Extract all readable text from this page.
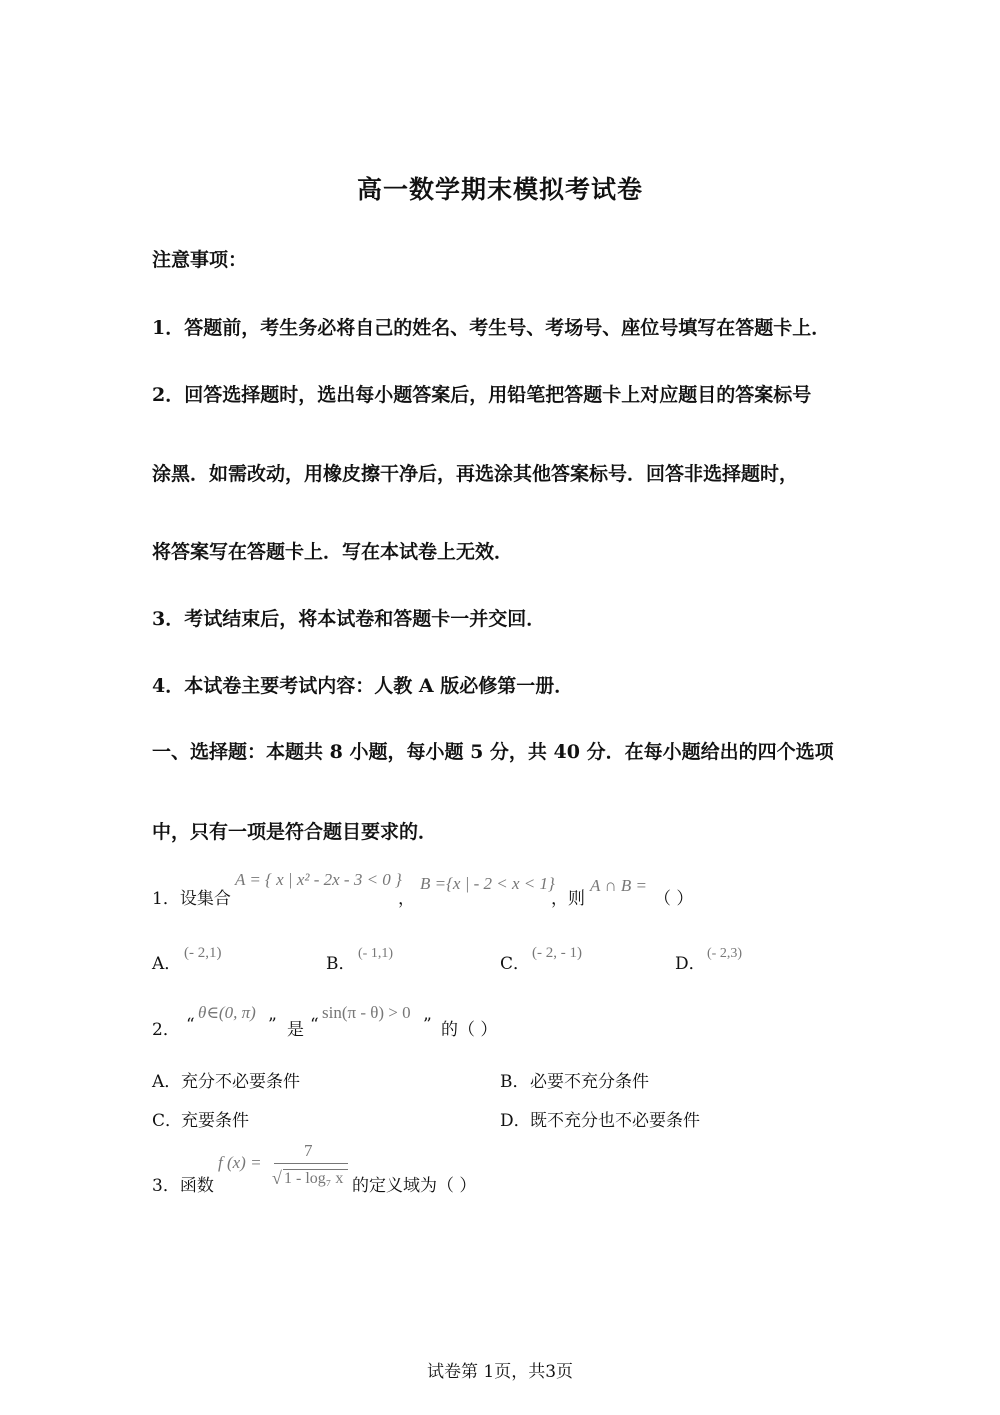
高一数学期末模拟考试卷
注意事项：
1．答题前，考生务必将自己的姓名、考生号、考场号、座位号填写在答题卡上．
2．回答选择题时，选出每小题答案后，用铅笔把答题卡上对应题目的答案标号
涂黑．如需改动，用橡皮擦干净后，再选涂其他答案标号．回答非选择题时，
将答案写在答题卡上．写在本试卷上无效．
3．考试结束后，将本试卷和答题卡一并交回．
4．本试卷主要考试内容：人教 A 版必修第一册．
一、选择题：本题共 8 小题，每小题 5 分，共 40 分．在每小题给出的四个选项
中，只有一项是符合题目要求的．
1．设集合
A = { x | x² - 2x - 3 < 0 }
，
B ={x | - 2 < x < 1}
，则
A ∩ B =
（ ）
A．
(- 2,1)
B．
(- 1,1)
C．
(- 2, - 1)
D．
(- 2,3)
2． “
θ∈(0, π)
” 是 “
sin(π - θ) > 0
” 的（ ）
A． 充分不必要条件	B． 必要不充分条件
C．
充要条件	D． 既不充分也不必要条件
3．函数
f (x) =
7
√ 1 - log₇ x 的定义域为（ ）
试卷第 1页，共3页
